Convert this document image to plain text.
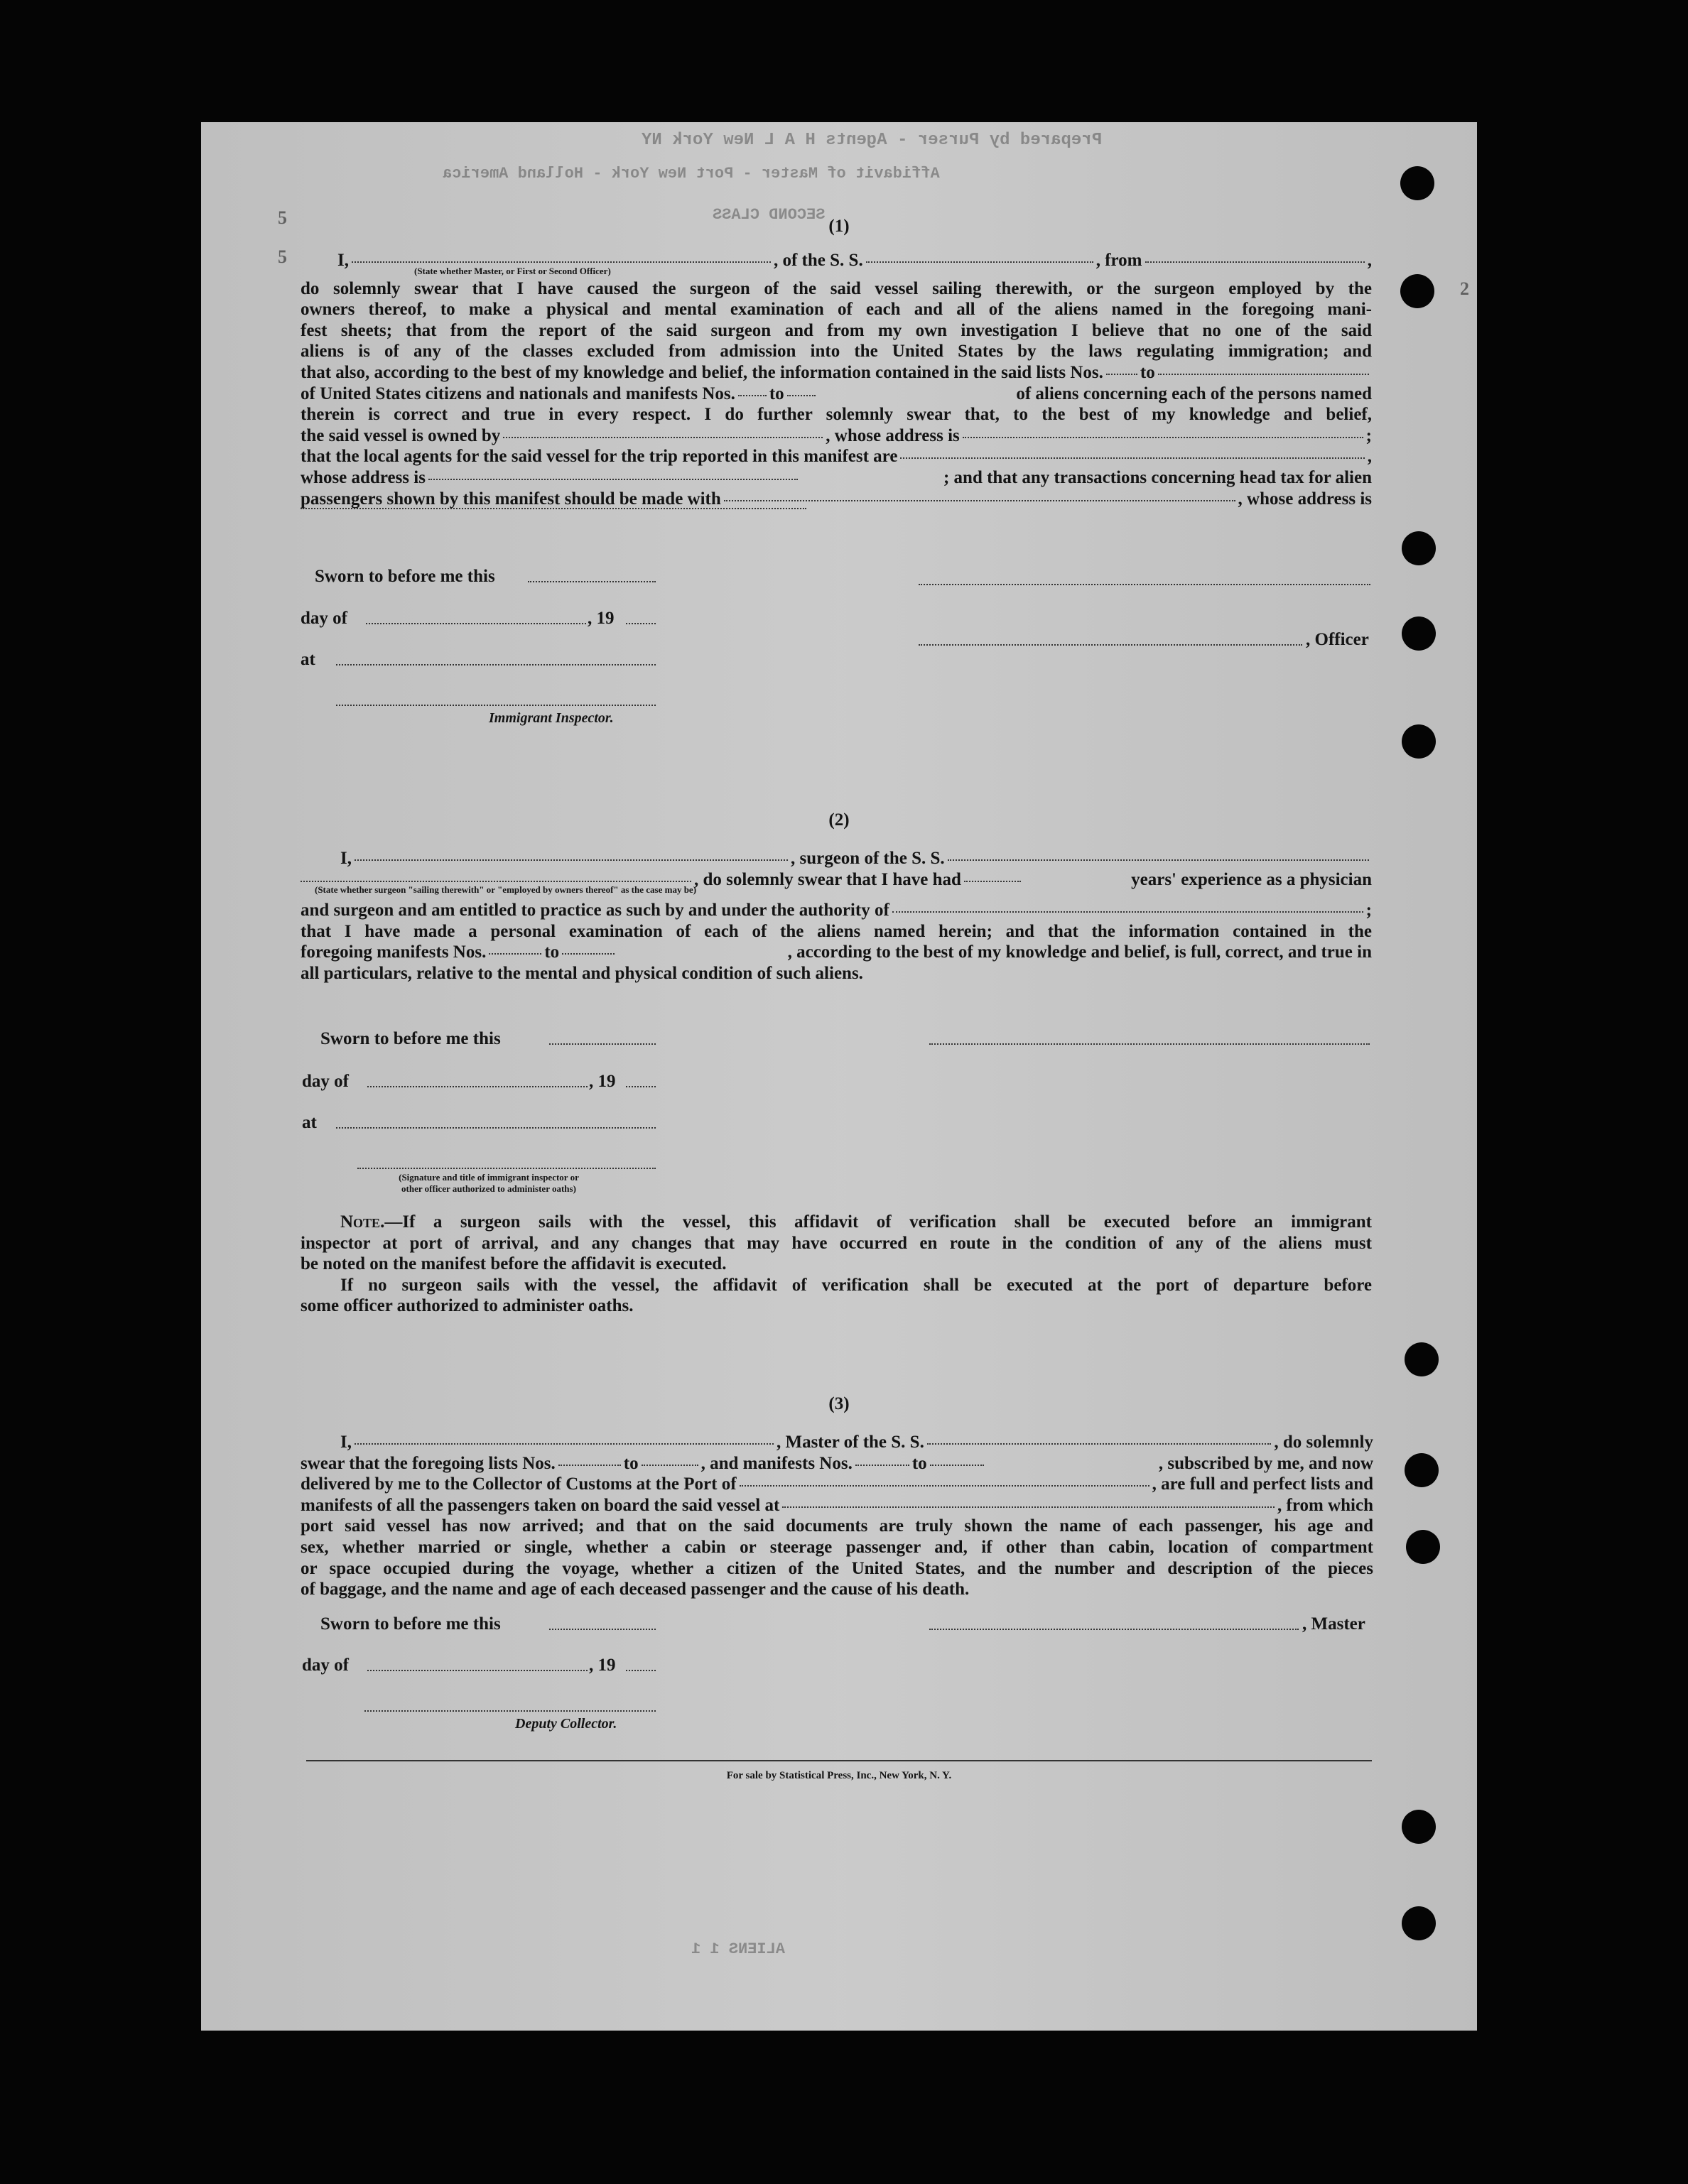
Prepared by Purser - Agents H A L New York NY
Affidavit of Master - Port New York - Holland America
SECOND CLASS
5
5
2
ALIENS 1 1
(1)
I,	, of the S. S.	, from	,
(State whether Master, or First or Second Officer)
do solemnly swear that I have caused the surgeon of the said vessel sailing therewith, or the surgeon employed by the
owners thereof, to make a physical and mental examination of each and all of the aliens named in the foregoing mani-
fest sheets; that from the report of the said surgeon and from my own investigation I believe that no one of the said
aliens is of any of the classes excluded from admission into the United States by the laws regulating immigration; and
that also, according to the best of my knowledge and belief, the information contained in the said lists Nos. to
of United States citizens and nationals and manifests Nos. to	of aliens concerning each of the persons named
therein is correct and true in every respect. I do further solemnly swear that, to the best of my knowledge and belief,
the said vessel is owned by	, whose address is	;
that the local agents for the said vessel for the trip reported in this manifest are	,
whose address is	; and that any transactions concerning head tax for alien
passengers shown by this manifest should be made with	, whose address is
Sworn to before me this
day of	, 19
at
Immigrant Inspector.
, Officer
(2)
I,	, surgeon of the S. S.
, do solemnly swear that I have had	years' experience as a physician
(State whether surgeon "sailing therewith" or "employed by owners thereof" as the case may be)
and surgeon and am entitled to practice as such by and under the authority of	;
that I have made a personal examination of each of the aliens named herein; and that the information contained in the
foregoing manifests Nos.	to	, according to the best of my knowledge and belief, is full, correct, and true in
all particulars, relative to the mental and physical condition of such aliens.
Sworn to before me this
day of	, 19
at
(Signature and title of immigrant inspector or
other officer authorized to administer oaths)
Note.—If a surgeon sails with the vessel, this affidavit of verification shall be executed before an immigrant
inspector at port of arrival, and any changes that may have occurred en route in the condition of any of the aliens must
be noted on the manifest before the affidavit is executed.
If no surgeon sails with the vessel, the affidavit of verification shall be executed at the port of departure before
some officer authorized to administer oaths.
(3)
I,	, Master of the S. S.	, do solemnly
swear that the foregoing lists Nos.	to	, and manifests Nos.	to	, subscribed by me, and now
delivered by me to the Collector of Customs at the Port of	, are full and perfect lists and
manifests of all the passengers taken on board the said vessel at	, from which
port said vessel has now arrived; and that on the said documents are truly shown the name of each passenger, his age and
sex, whether married or single, whether a cabin or steerage passenger and, if other than cabin, location of compartment
or space occupied during the voyage, whether a citizen of the United States, and the number and description of the pieces
of baggage, and the name and age of each deceased passenger and the cause of his death.
Sworn to before me this	, Master
day of	, 19
Deputy Collector.
For sale by Statistical Press, Inc., New York, N. Y.
